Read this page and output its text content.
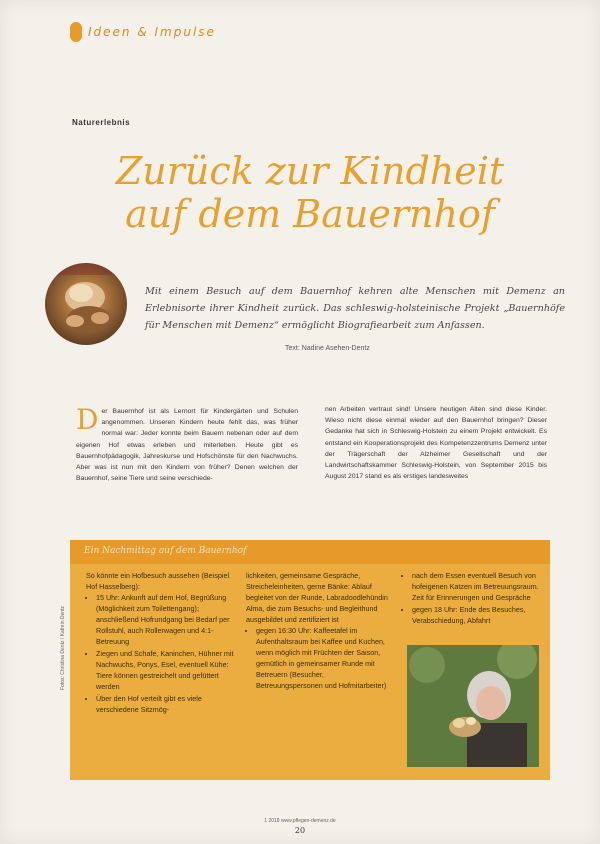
Ideen & Impulse
Naturerlebnis
Zurück zur Kindheit
auf dem Bauernhof
Mit einem Besuch auf dem Bauernhof kehren alte Menschen mit Demenz an Erlebnisorte ihrer Kindheit zurück. Das schleswig-holsteinische Projekt „Bauernhöfe für Menschen mit Demenz“ ermöglicht Biografiearbeit zum Anfassen.
Text: Nadine Asehen-Dentz
Der Bauernhof ist als Lernort für Kindergärten und Schulen angenommen. Unseren Kindern heute fehlt das, was früher normal war: Jeder konnte beim Bauern nebenan oder auf dem eigenen Hof etwas erleben und miterleben. Heute gibt es Bauernhofpädagogik, Jahreskurse und Hofschönste für den Nachwuchs. Aber was ist nun mit den Kindern von früher? Denen welchen der Bauernhof, seine Tiere und seine verschiede-
nen Arbeiten vertraut sind! Unsere heutigen Alten sind diese Kinder. Wieso nicht diese einmal wieder auf den Bauernhof bringen? Dieser Gedanke hat sich in Schleswig-Holstein zu einem Projekt entwickelt. Es entstand ein Kooperationsprojekt des Kompetenzzentrums Demenz unter der Trägerschaft der Alzheimer Gesellschaft und der Landwirtschaftskammer Schleswig-Holstein, von September 2015 bis August 2017 stand es als erstiges landesweites
Ein Nachmittag auf dem Bauernhof
So könnte ein Hofbesuch aussehen (Beispiel Hof Hasselberg):
• 15 Uhr: Ankunft auf dem Hof, Begrüßung (Möglichkeit zum Toilettengang); anschließend Hofrundgang bei Bedarf per Rollstuhl, auch Rollerwagen und 4:1-Betreuung
• Ziegen und Schafe, Kaninchen, Hühner mit Nachwuchs, Ponys, Esel, eventuell Kühe: Tiere können gestreichelt und gefüttert werden
• Über den Hof verteilt gibt es viele verschiedene Sitzmög-
lichkeiten, gemeinsame Gespräche, Streicheleinheiten, gerne Bänke: Ablauf begleitet von der Runde, Labradoodlehündin Alma, die zum Besuchs- und Begleithund ausgebildet und zertifiziert ist
• gegen 16:30 Uhr: Kaffeetafel im Aufenthaltsraum bei Kaffee und Kuchen, wenn möglich mit Früchten der Saison, gemütlich in gemeinsamer Runde mit Betreuern (Besucher, Betreuungspersonen und Hofmitarbeiter)
• nach dem Essen eventuell Besuch von hofeigenen Katzen im Betreuungsraum. Zeit für Erinnerungen und Gespräche
• gegen 18 Uhr: Ende des Besuches, Verabschiedung, Abfahrt
Fotos: Christina Dentz / Kathrin Dentz
1 2018 www.pflegen-demenz.de
20
